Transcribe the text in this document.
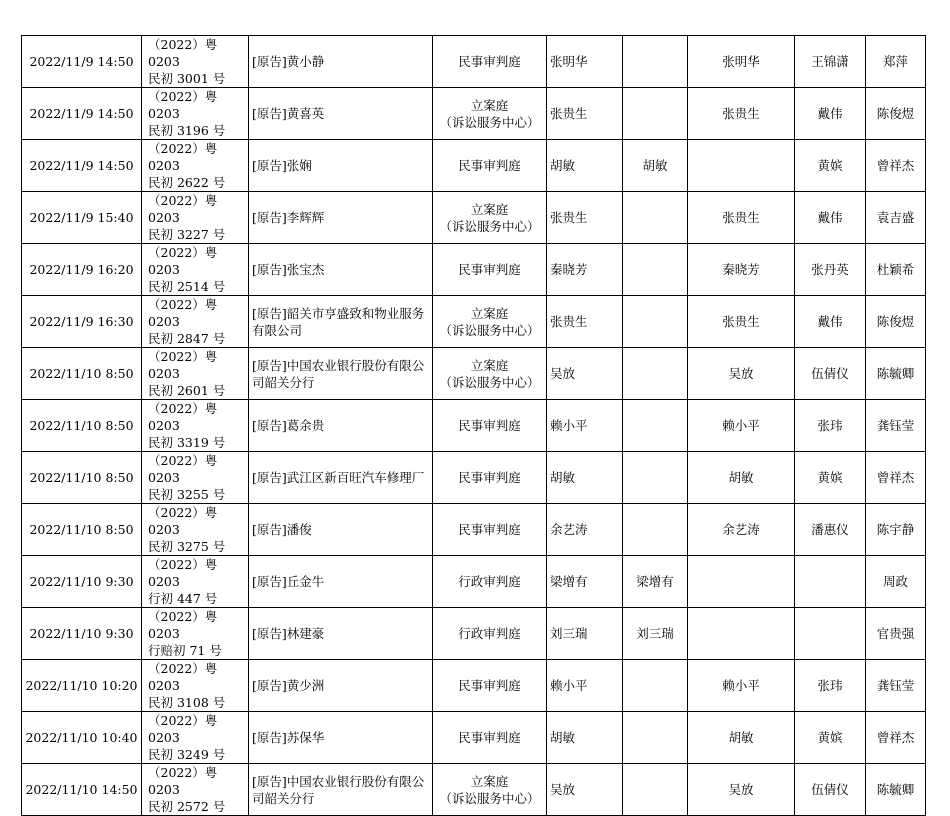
2022/11/9 14:50	（2022）粤 0203
民初 3001 号	[原告]黄小静	民事审判庭	张明华		张明华	王锦潇	郑萍
2022/11/9 14:50	（2022）粤 0203
民初 3196 号	[原告]黄喜英	立案庭
（诉讼服务中心）	张贵生		张贵生	戴伟	陈俊煜
2022/11/9 14:50	（2022）粤 0203
民初 2622 号	[原告]张娴	民事审判庭	胡敏	胡敏		黄嫔	曾祥杰
2022/11/9 15:40	（2022）粤 0203
民初 3227 号	[原告]李辉辉	立案庭
（诉讼服务中心）	张贵生		张贵生	戴伟	袁吉盛
2022/11/9 16:20	（2022）粤 0203
民初 2514 号	[原告]张宝杰	民事审判庭	秦晓芳		秦晓芳	张丹英	杜颖希
2022/11/9 16:30	（2022）粤 0203
民初 2847 号	[原告]韶关市亨盛致和物业服务有限公司	立案庭
（诉讼服务中心）	张贵生		张贵生	戴伟	陈俊煜
2022/11/10 8:50	（2022）粤 0203
民初 2601 号	[原告]中国农业银行股份有限公司韶关分行	立案庭
（诉讼服务中心）	吴放		吴放	伍倩仪	陈毓卿
2022/11/10 8:50	（2022）粤 0203
民初 3319 号	[原告]葛余贵	民事审判庭	赖小平		赖小平	张玮	龚钰莹
2022/11/10 8:50	（2022）粤 0203
民初 3255 号	[原告]武江区新百旺汽车修理厂	民事审判庭	胡敏		胡敏	黄嫔	曾祥杰
2022/11/10 8:50	（2022）粤 0203
民初 3275 号	[原告]潘俊	民事审判庭	余艺涛		余艺涛	潘惠仪	陈宇静
2022/11/10 9:30	（2022）粤 0203
行初 447 号	[原告]丘金牛	行政审判庭	梁增有	梁增有			周政
2022/11/10 9:30	（2022）粤 0203
行赔初 71 号	[原告]林建豪	行政审判庭	刘三瑞	刘三瑞			官贵强
2022/11/10 10:20	（2022）粤 0203
民初 3108 号	[原告]黄少洲	民事审判庭	赖小平		赖小平	张玮	龚钰莹
2022/11/10 10:40	（2022）粤 0203
民初 3249 号	[原告]苏保华	民事审判庭	胡敏		胡敏	黄嫔	曾祥杰
2022/11/10 14:50	（2022）粤 0203
民初 2572 号	[原告]中国农业银行股份有限公司韶关分行	立案庭
（诉讼服务中心）	吴放		吴放	伍倩仪	陈毓卿
